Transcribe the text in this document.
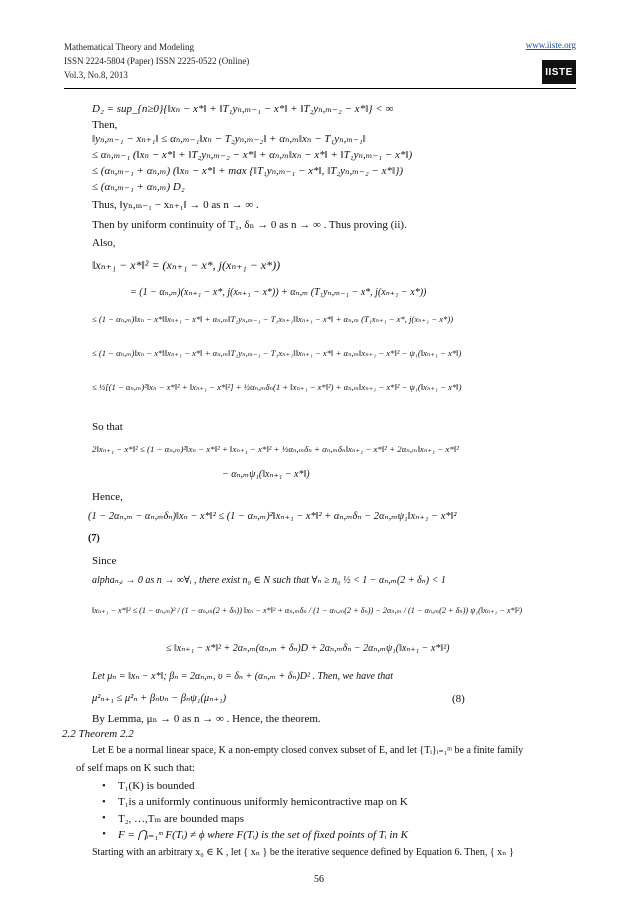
Mathematical Theory and Modeling
ISSN 2224-5804 (Paper) ISSN 2225-0522 (Online)
Vol.3, No.8, 2013
www.iiste.org
IISTE
D₂ = sup_{n≥0}{‖xₙ − x*‖ + ‖T₁yₙ,ₘ₋₁ − x*‖ + ‖T₂yₙ,ₘ₋₂ − x*‖} < ∞
Then,
‖yₙ,ₘ₋₁ − xₙ₊₁‖ ≤ αₙ,ₘ₋₁‖xₙ − T₂yₙ,ₘ₋₂‖ + αₙ,ₘ‖xₙ − T₁yₙ,ₘ₋₁‖
≤ αₙ,ₘ₋₁ (‖xₙ − x*‖ + ‖T₂yₙ,ₘ₋₂ − x*‖ + αₙ,ₘ‖xₙ − x*‖ + ‖T₁yₙ,ₘ₋₁ − x*‖)
≤ (αₙ,ₘ₋₁ + αₙ,ₘ) (‖xₙ − x*‖ + max {‖T₁yₙ,ₘ₋₁ − x*‖, ‖T₂yₙ,ₘ₋₂ − x*‖})
≤ (αₙ,ₘ₋₁ + αₙ,ₘ) D₂
Thus, ‖yₙ,ₘ₋₁ − xₙ₊₁‖ → 0 as n → ∞ .
Then by uniform continuity of T₁, δₙ → 0 as n → ∞ . Thus proving (ii).
Also,
‖xₙ₊₁ − x*‖² = (xₙ₊₁ − x*, j(xₙ₊₁ − x*))
= (1 − αₙ,ₘ)(xₙ₊₁ − x*, j(xₙ₊₁ − x*)) + αₙ,ₘ (T₁yₙ,ₘ₋₁ − x*, j(xₙ₊₁ − x*))
≤ (1 − αₙ,ₘ)‖xₙ − x*‖‖xₙ₊₁ − x*‖ + αₙ,ₘ‖T₁yₙ,ₘ₋₁ − T₁xₙ₊₁‖‖xₙ₊₁ − x*‖ + αₙ,ₘ (T₁xₙ₊₁ − x*, j(xₙ₊₁ − x*))
≤ (1 − αₙ,ₘ)‖xₙ − x*‖‖xₙ₊₁ − x*‖ + αₙ,ₘ‖T₁yₙ,ₘ₋₁ − T₁xₙ₊₁‖‖xₙ₊₁ − x*‖ + αₙ,ₘ‖xₙ₊₁ − x*‖² − ψ₁(‖xₙ₊₁ − x*‖)
≤ ½[(1 − αₙ,ₘ)²‖xₙ − x*‖² + ‖xₙ₊₁ − x*‖²] + ½αₙ,ₘδₙ(1 + ‖xₙ₊₁ − x*‖²) + αₙ,ₘ‖xₙ₊₁ − x*‖² − ψ₁(‖xₙ₊₁ − x*‖)
So that
2‖xₙ₊₁ − x*‖² ≤ (1 − αₙ,ₘ)²‖xₙ − x*‖² + ‖xₙ₊₁ − x*‖² + ½αₙ,ₘδₙ + αₙ,ₘδₙ‖xₙ₊₁ − x*‖² + 2αₙ,ₘ‖xₙ₊₁ − x*‖²
− αₙ,ₘψ₁(‖xₙ₊₁ − x*‖)
Hence,
(1 − 2αₙ,ₘ − αₙ,ₘδₙ)‖xₙ − x*‖² ≤ (1 − αₙ,ₘ)²‖xₙ₊₁ − x*‖² + αₙ,ₘδₙ − 2αₙ,ₘψ₁‖xₙ₊₁ − x*‖²
(7)
Since
alphaₙ,ᵢ → 0 as n → ∞∀ᵢ , there exist n₀ ∈ N such that ∀ₙ ≥ n₀ ½ < 1 − αₙ,ₘ(2 + δₙ) < 1
‖xₙ₊₁ − x*‖² ≤ (1 − αₙ,ₘ)² / (1 − αₙ,ₘ(2 + δₙ)) ‖xₙ − x*‖² + αₙ,ₘδₙ / (1 − αₙ,ₘ(2 + δₙ)) − 2αₙ,ₘ / (1 − αₙ,ₘ(2 + δₙ)) ψ₁(‖xₙ₊₁ − x*‖²)
≤ ‖xₙ₊₁ − x*‖² + 2αₙ,ₘ(αₙ,ₘ + δₙ)D + 2αₙ,ₘδₙ − 2αₙ,ₘψ₁(‖xₙ₊₁ − x*‖²)
Let μₙ = ‖xₙ − x*‖; βₙ = 2αₙ,ₘ, υ = δₙ + (αₙ,ₘ + δₙ)D² . Then, we have that
μ²ₙ₊₁ ≤ μ²ₙ + βₙυₙ − βₙψ₁(μₙ₊₁)	(8)
By Lemma, μₙ → 0 as n → ∞ . Hence, the theorem.
2.2 Theorem 2.2
Let E be a normal linear space, K a non-empty closed convex subset of E, and let {Tᵢ}ᵢ₌₁ᵐ be a finite family
of self maps on K such that:
• T₁(K) is bounded
• T₁is a uniformly continuous uniformly hemicontractive map on K
• T₂, …,Tₘ are bounded maps
• F = ⋂ᵢ₌₁ᵐ F(Tᵢ) ≠ ϕ where F(Tᵢ) is the set of fixed points of Tᵢ in K
Starting with an arbitrary x₀ ∈ K , let { xₙ } be the iterative sequence defined by Equation 6. Then, { xₙ }
56
